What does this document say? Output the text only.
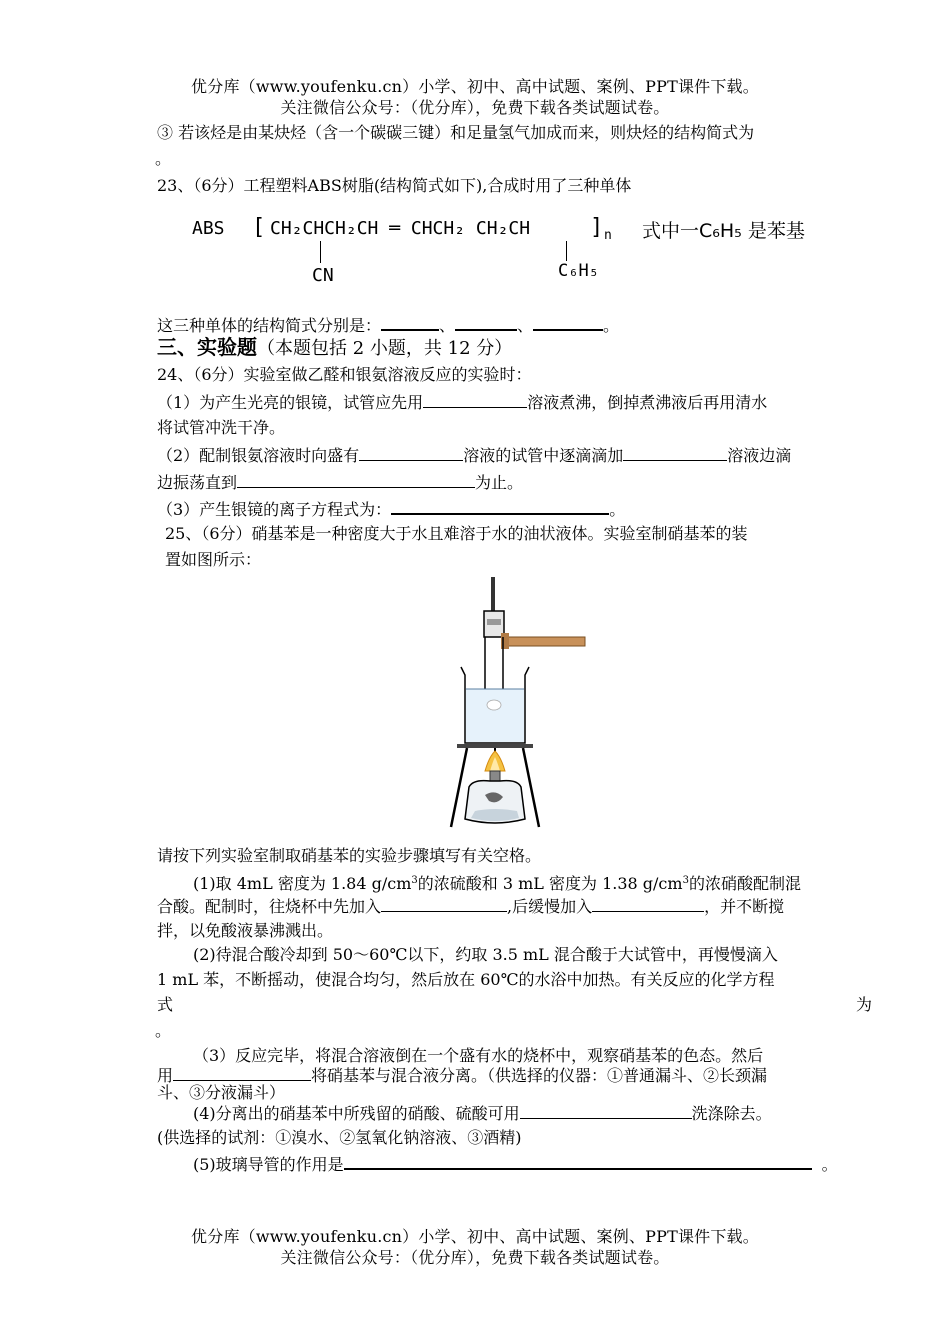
优分库（www.youfenku.cn）小学、初中、高中试题、案例、PPT课件下载。
关注微信公众号：（优分库），免费下载各类试题试卷。
③ 若该烃是由某炔烃（含一个碳碳三键）和足量氢气加成而来，则炔烃的结构简式为
。
23、（6分）工程塑料ABS树脂(结构简式如下),合成时用了三种单体
ABS [ CH₂CHCH₂CH ═ CHCH₂ CH₂CH	] n
CN	C₆H₅
式中一C₆H₅ 是苯基
这三种单体的结构简式分别是：	、	、	。
三、实验题（本题包括 2 小题，共 12 分）
24、（6分）实验室做乙醛和银氨溶液反应的实验时：
（1）为产生光亮的银镜，试管应先用	溶液煮沸，倒掉煮沸液后再用清水
将试管冲洗干净。
（2）配制银氨溶液时向盛有	溶液的试管中逐滴滴加	溶液边滴
边振荡直到	为止。
（3）产生银镜的离子方程式为：	。
25、（6分）硝基苯是一种密度大于水且难溶于水的油状液体。实验室制硝基苯的装
置如图所示：
请按下列实验室制取硝基苯的实验步骤填写有关空格。
(1)取 4mL 密度为 1.84 $g/cm^3$的浓硫酸和 3 mL 密度为 1.38 $g/cm^3$的浓硝酸配制混
合酸。配制时，往烧杯中先加入	,后缓慢加入	，并不断搅
拌，以免酸液暴沸溅出。
(2)待混合酸冷却到 50～60℃以下，约取 3.5 mL 混合酸于大试管中，再慢慢滴入
1 mL 苯，不断摇动，使混合均匀，然后放在 60℃的水浴中加热。有关反应的化学方程
式	为
。
（3）反应完毕，将混合溶液倒在一个盛有水的烧杯中，观察硝基苯的色态。然后
用	将硝基苯与混合液分离。（供选择的仪器：①普通漏斗、②长颈漏
斗、③分液漏斗）
(4)分离出的硝基苯中所残留的硝酸、硫酸可用	洗涤除去。
(供选择的试剂：①溴水、②氢氧化钠溶液、③酒精)
(5)玻璃导管的作用是	。
优分库（www.youfenku.cn）小学、初中、高中试题、案例、PPT课件下载。
关注微信公众号：（优分库），免费下载各类试题试卷。
